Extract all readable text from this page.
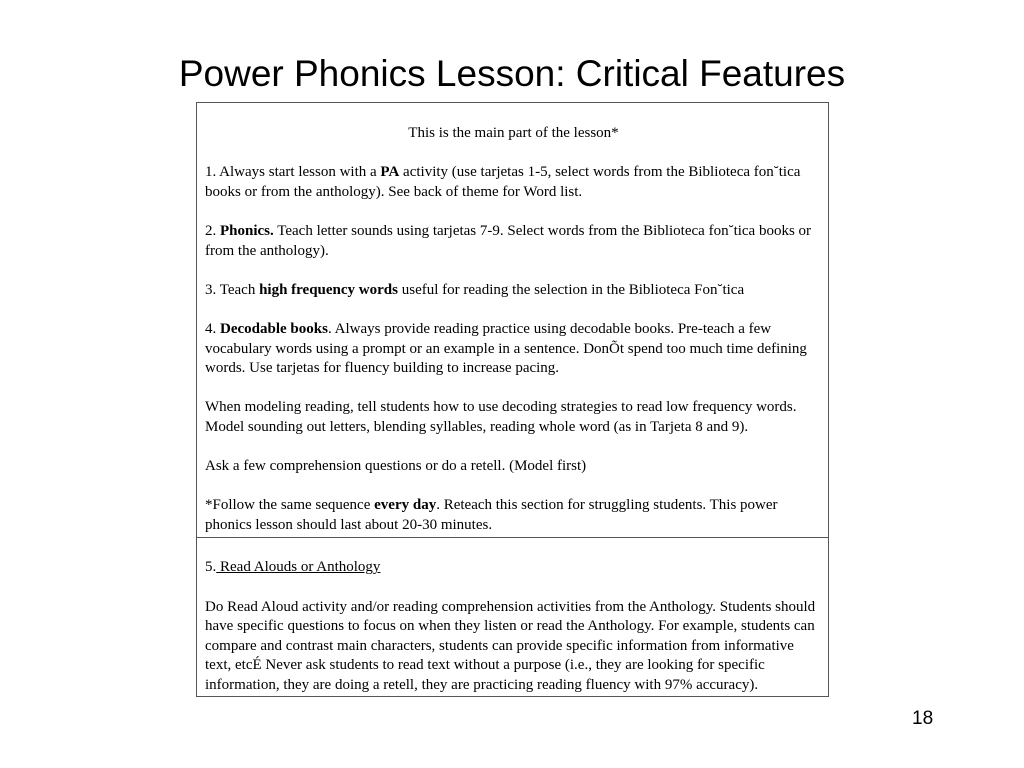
Power Phonics Lesson: Critical Features

This is the main part of the lesson*

1. Always start lesson with a PA activity (use tarjetas 1-5, select words from the Biblioteca fon˘tica books or from the anthology). See back of theme for Word list.

2. Phonics. Teach letter sounds using tarjetas 7-9. Select words from the Biblioteca fon˘tica books or from the anthology).

3. Teach high frequency words useful for reading the selection in the Biblioteca Fon˘tica

4. Decodable books. Always provide reading practice using decodable books. Pre-teach a few vocabulary words using a prompt or an example in a sentence. DonÕt spend too much time defining words. Use tarjetas for fluency building to increase pacing.

When modeling reading, tell students how to use decoding strategies to read low frequency words. Model sounding out letters, blending syllables, reading whole word (as in Tarjeta 8 and 9).

Ask a few comprehension questions or do a retell. (Model first)

*Follow the same sequence every day. Reteach this section for struggling students. This power phonics lesson should last about 20-30 minutes.

5. Read Alouds or Anthology

Do Read Aloud activity and/or reading comprehension activities from the Anthology. Students should have specific questions to focus on when they listen or read the Anthology. For example, students can compare and contrast main characters, students can provide specific information from informative text, etcÉ Never ask students to read text without a purpose (i.e., they are looking for specific information, they are doing a retell, they are practicing reading fluency with 97% accuracy).

18
